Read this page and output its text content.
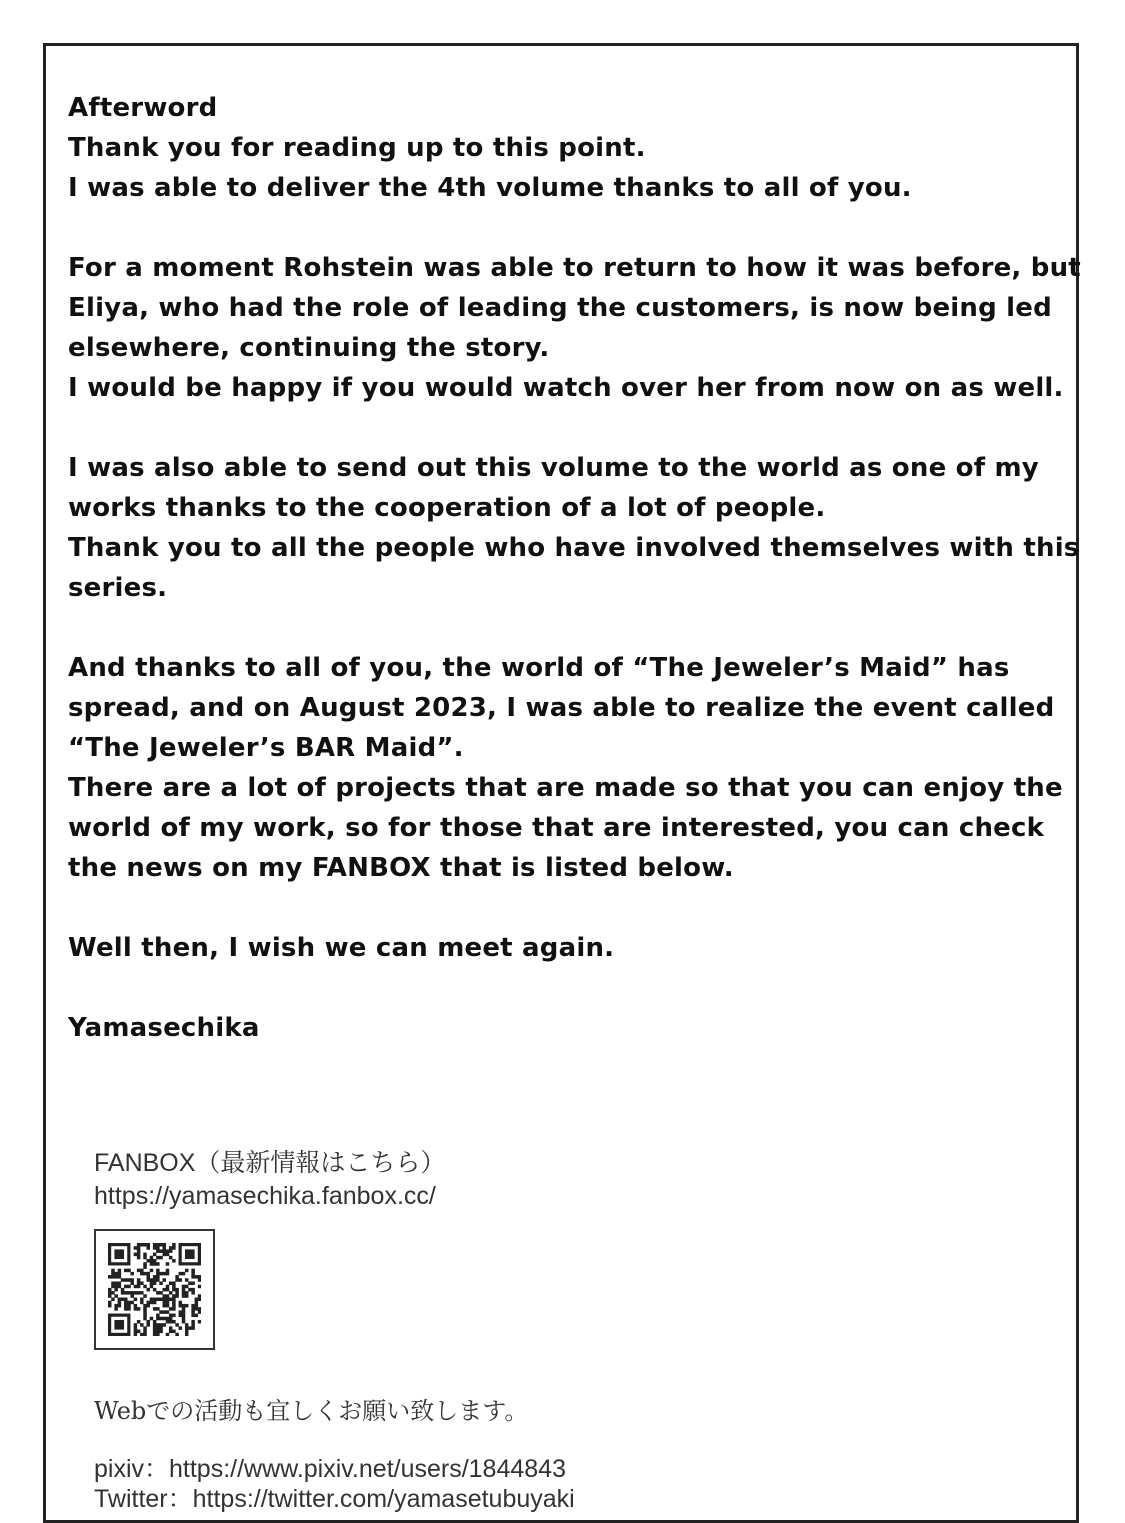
Afterword
Thank you for reading up to this point.
I was able to deliver the 4th volume thanks to all of you.
For a moment Rohstein was able to return to how it was before, but
Eliya, who had the role of leading the customers, is now being led
elsewhere, continuing the story.
I would be happy if you would watch over her from now on as well.
I was also able to send out this volume to the world as one of my
works thanks to the cooperation of a lot of people.
Thank you to all the people who have involved themselves with this
series.
And thanks to all of you, the world of “The Jeweler’s Maid” has
spread, and on August 2023, I was able to realize the event called
“The Jeweler’s BAR Maid”.
There are a lot of projects that are made so that you can enjoy the
world of my work, so for those that are interested, you can check
the news on my FANBOX that is listed below.
Well then, I wish we can meet again.
Yamasechika
FANBOX（最新情報はこちら）
https://yamasechika.fanbox.cc/
Webでの活動も宜しくお願い致します。
pixiv：https://www.pixiv.net/users/1844843
Twitter：https://twitter.com/yamasetubuyaki
